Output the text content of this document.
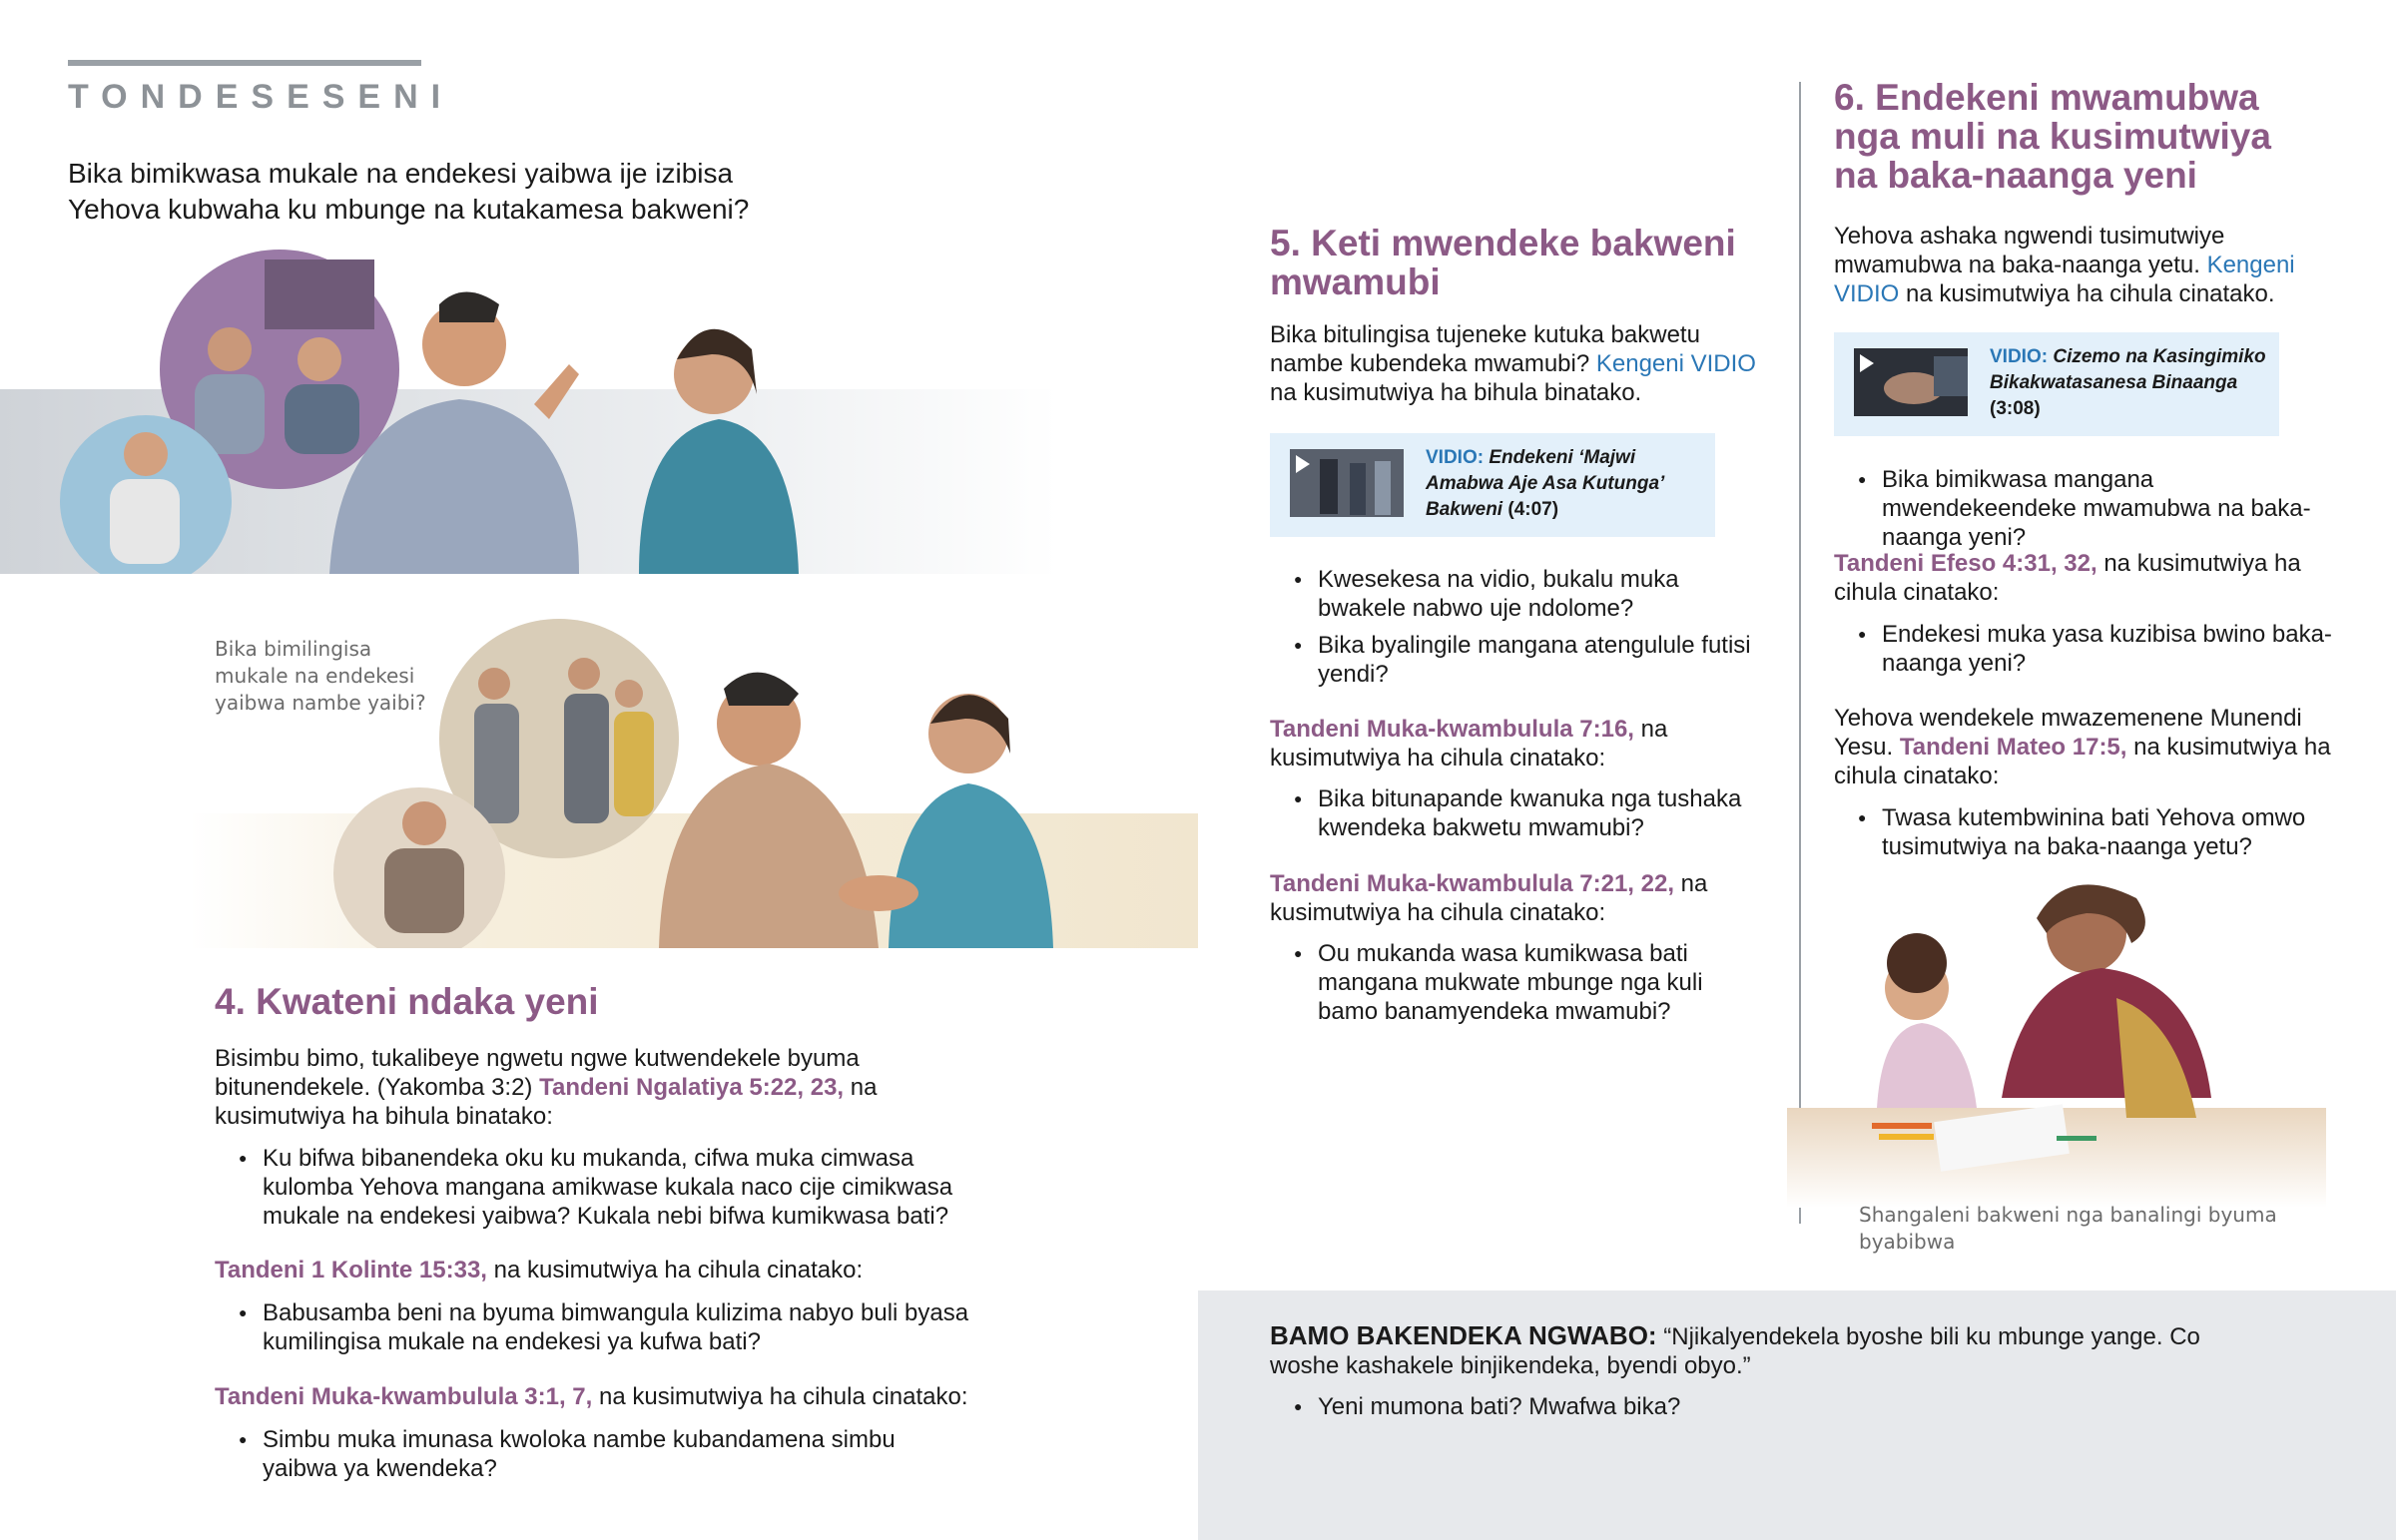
TONDESESENI
Bika bimikwasa mukale na endekesi yaibwa ije izibisa Yehova kubwaha ku mbunge na kutakamesa bakweni?
Bika bimilingisa mukale na endekesi yaibwa nambe yaibi?
4. Kwateni ndaka yeni
Bisimbu bimo, tukalibeye ngwetu ngwe kutwendekele byuma bitunendekele. (Yakomba 3:2) Tandeni Ngalatiya 5:22, 23, na kusimutwiya ha bihula binatako:
● Ku bifwa bibanendeka oku ku mukanda, cifwa muka cimwasa kulomba Yehova mangana amikwase kukala naco cije cimikwasa mukale na endekesi yaibwa? Kukala nebi bifwa kumikwasa bati?
Tandeni 1 Kolinte 15:33, na kusimutwiya ha cihula cinatako:
● Babusamba beni na byuma bimwangula kulizima nabyo buli byasa kumilingisa mukale na endekesi ya kufwa bati?
Tandeni Muka-kwambulula 3:1, 7, na kusimutwiya ha cihula cinatako:
● Simbu muka imunasa kwoloka nambe kubandamena simbu yaibwa ya kwendeka?
5. Keti mwendeke bakweni mwamubi
Bika bitulingisa tujeneke kutuka bakwetu nambe kubendeka mwamubi? Kengeni VIDIO na kusimutwiya ha bihula binatako.
VIDIO: Endekeni ‘Majwi Amabwa Aje Asa Kutunga’ Bakweni (4:07)
● Kwesekesa na vidio, bukalu muka bwakele nabwo uje ndolome?
● Bika byalingile mangana atengulule futisi yendi?
Tandeni Muka-kwambulula 7:16, na kusimutwiya ha cihula cinatako:
● Bika bitunapande kwanuka nga tushaka kwendeka bakwetu mwamubi?
Tandeni Muka-kwambulula 7:21, 22, na kusimutwiya ha cihula cinatako:
● Ou mukanda wasa kumikwasa bati mangana mukwate mbunge nga kuli bamo banamyendeka mwamubi?
6. Endekeni mwamubwa nga muli na kusimutwiya na baka-naanga yeni
Yehova ashaka ngwendi tusimutwiye mwamubwa na baka-naanga yetu. Kengeni VIDIO na kusimutwiya ha cihula cinatako.
VIDIO: Cizemo na Kasingimiko Bikakwatasanesa Binaanga (3:08)
● Bika bimikwasa mangana mwendekeendeke mwamubwa na baka-naanga yeni?
Tandeni Efeso 4:31, 32, na kusimutwiya ha cihula cinatako:
● Endekesi muka yasa kuzibisa bwino baka-naanga yeni?
Yehova wendekele mwazemenene Munendi Yesu. Tandeni Mateo 17:5, na kusimutwiya ha cihula cinatako:
● Twasa kutembwinina bati Yehova omwo tusimutwiya na baka-naanga yetu?
Shangaleni bakweni nga banalingi byuma byabibwa
BAMO BAKENDEKA NGWABO: “Njikalyendekela byoshe bili ku mbunge yange. Co woshe kashakele binjikendeka, byendi obyo.”
● Yeni mumona bati? Mwafwa bika?
